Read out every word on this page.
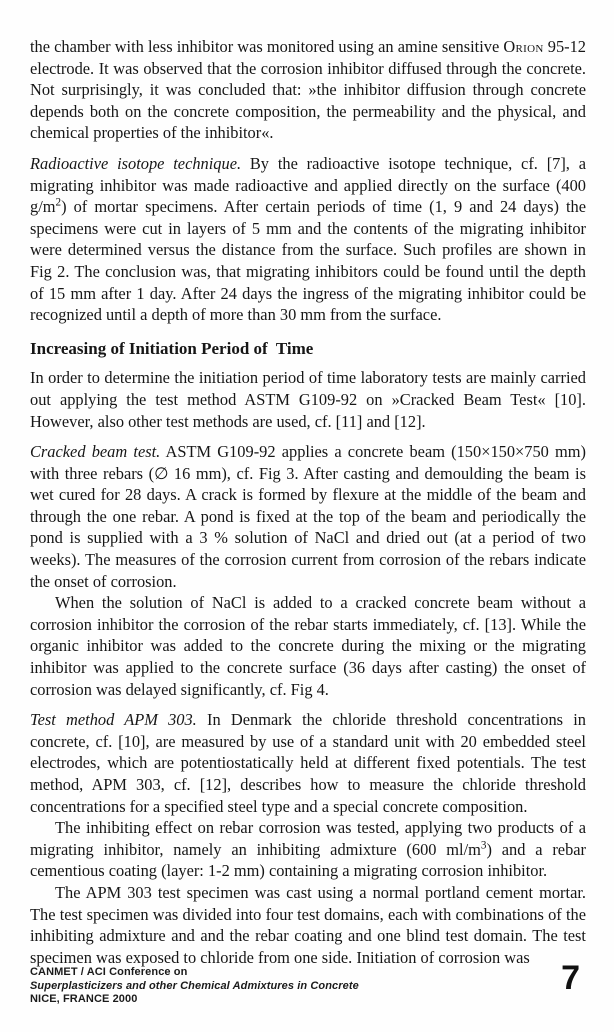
the chamber with less inhibitor was monitored using an amine sensitive Orion 95-12 electrode. It was observed that the corrosion inhibitor diffused through the concrete. Not surprisingly, it was concluded that: »the inhibitor diffusion through concrete depends both on the concrete composition, the permeability and the physical, and chemical properties of the inhibitor«.

Radioactive isotope technique. By the radioactive isotope technique, cf. [7], a migrating inhibitor was made radioactive and applied directly on the surface (400 $g/m^2$) of mortar specimens. After certain periods of time (1, 9 and 24 days) the specimens were cut in layers of 5 mm and the contents of the migrating inhibitor were determined versus the distance from the surface. Such profiles are shown in Fig 2. The conclusion was, that migrating inhibitors could be found until the depth of 15 mm after 1 day. After 24 days the ingress of the migrating inhibitor could be recognized until a depth of more than 30 mm from the surface.

Increasing of Initiation Period of  Time

In order to determine the initiation period of time laboratory tests are mainly carried out applying the test method ASTM G109-92 on »Cracked Beam Test« [10]. However, also other test methods are used, cf. [11] and [12].

Cracked beam test. ASTM G109-92 applies a concrete beam (150×150×750 mm) with three rebars (∅ 16 mm), cf. Fig 3. After casting and demoulding the beam is wet cured for 28 days. A crack is formed by flexure at the middle of the beam and through the one rebar. A pond is fixed at the top of the beam and periodically the pond is supplied with a 3 % solution of NaCl and dried out (at a period of two weeks). The measures of the corrosion current from corrosion of the rebars indicate the onset of corrosion.

When the solution of NaCl is added to a cracked concrete beam without a corrosion inhibitor the corrosion of the rebar starts immediately, cf. [13]. While the organic inhibitor was added to the concrete during the mixing or the migrating inhibitor was applied to the concrete surface (36 days after casting) the onset of corrosion was delayed significantly, cf. Fig 4.

Test method APM 303. In Denmark the chloride threshold concentrations in concrete, cf. [10], are measured by use of a standard unit with 20 embedded steel electrodes, which are potentiostatically held at different fixed potentials. The test method, APM 303, cf. [12], describes how to measure the chloride threshold concentrations for a specified steel type and a special concrete composition.

The inhibiting effect on rebar corrosion was tested, applying two products of a migrating inhibitor, namely an inhibiting admixture (600 $ml/m^3$) and a rebar cementious coating (layer: 1-2 mm) containing a migrating corrosion inhibitor.

The APM 303 test specimen was cast using a normal portland cement mortar. The test specimen was divided into four test domains, each with combinations of the inhibiting admixture and and the rebar coating and one blind test domain. The test specimen was exposed to chloride from one side. Initiation of corrosion was

CANMET / ACI Conference on
Superplasticizers and other Chemical Admixtures in Concrete
NICE, FRANCE 2000
7
